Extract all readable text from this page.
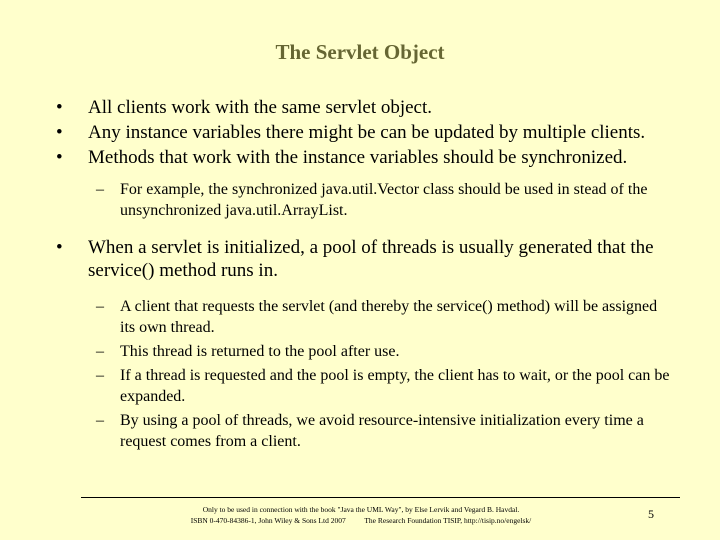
The Servlet Object
•	All clients work with the same servlet object.
•	Any instance variables there might be can be updated by multiple clients.
•	Methods that work with the instance variables should be synchronized.
– For example, the synchronized java.util.Vector class should be used in stead of the unsynchronized java.util.ArrayList.
•	When a servlet is initialized, a pool of threads is usually generated that the service() method runs in.
– A client that requests the servlet (and thereby the service() method) will be assigned its own thread.
– This thread is returned to the pool after use.
– If a thread is requested and the pool is empty, the client has to wait, or the pool can be expanded.
– By using a pool of threads, we avoid resource-intensive initialization every time a request comes from a client.
Only to be used in connection with the book "Java the UML Way", by Else Lervik and Vegard B. Havdal.
ISBN 0-470-84386-1, John Wiley & Sons Ltd 2007 The Research Foundation TISIP, http://tisip.no/engelsk/	5
